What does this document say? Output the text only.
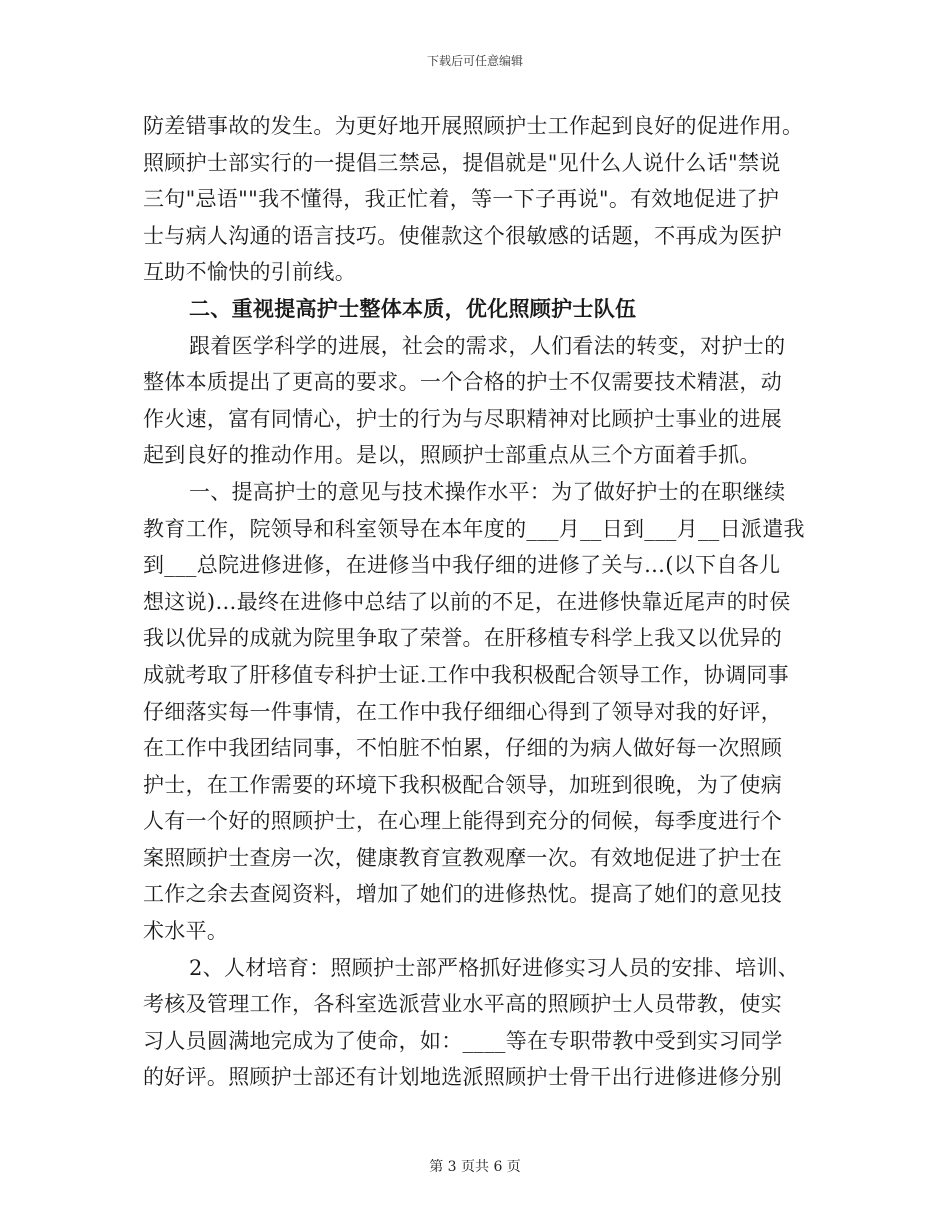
下载后可任意编辑
防差错事故的发生。为更好地开展照顾护士工作起到良好的促进作用。
照顾护士部实行的一提倡三禁忌，提倡就是"见什么人说什么话"禁说
三句"忌语""我不懂得，我正忙着，等一下子再说"。有效地促进了护
士与病人沟通的语言技巧。使催款这个很敏感的话题，不再成为医护
互助不愉快的引前线。
二、重视提高护士整体本质，优化照顾护士队伍
跟着医学科学的进展，社会的需求，人们看法的转变，对护士的
整体本质提出了更高的要求。一个合格的护士不仅需要技术精湛，动
作火速，富有同情心，护士的行为与尽职精神对比顾护士事业的进展
起到良好的推动作用。是以，照顾护士部重点从三个方面着手抓。
一、提高护士的意见与技术操作水平：为了做好护士的在职继续
教育工作，院领导和科室领导在本年度的___月__日到___月__日派遣我
到___总院进修进修，在进修当中我仔细的进修了关与…(以下自各儿
想这说)…最终在进修中总结了以前的不足，在进修快靠近尾声的时侯
我以优异的成就为院里争取了荣誉。在肝移植专科学上我又以优异的
成就考取了肝移值专科护士证.工作中我积极配合领导工作，协调同事
仔细落实每一件事情，在工作中我仔细细心得到了领导对我的好评，
在工作中我团结同事，不怕脏不怕累，仔细的为病人做好每一次照顾
护士，在工作需要的环境下我积极配合领导，加班到很晚，为了使病
人有一个好的照顾护士，在心理上能得到充分的伺候，每季度进行个
案照顾护士查房一次，健康教育宣教观摩一次。有效地促进了护士在
工作之余去查阅资料，增加了她们的进修热忱。提高了她们的意见技
术水平。
2、人材培育：照顾护士部严格抓好进修实习人员的安排、培训、
考核及管理工作，各科室选派营业水平高的照顾护士人员带教，使实
习人员圆满地完成为了使命，如：____等在专职带教中受到实习同学
的好评。照顾护士部还有计划地选派照顾护士骨干出行进修进修分别
第 3 页共 6 页
